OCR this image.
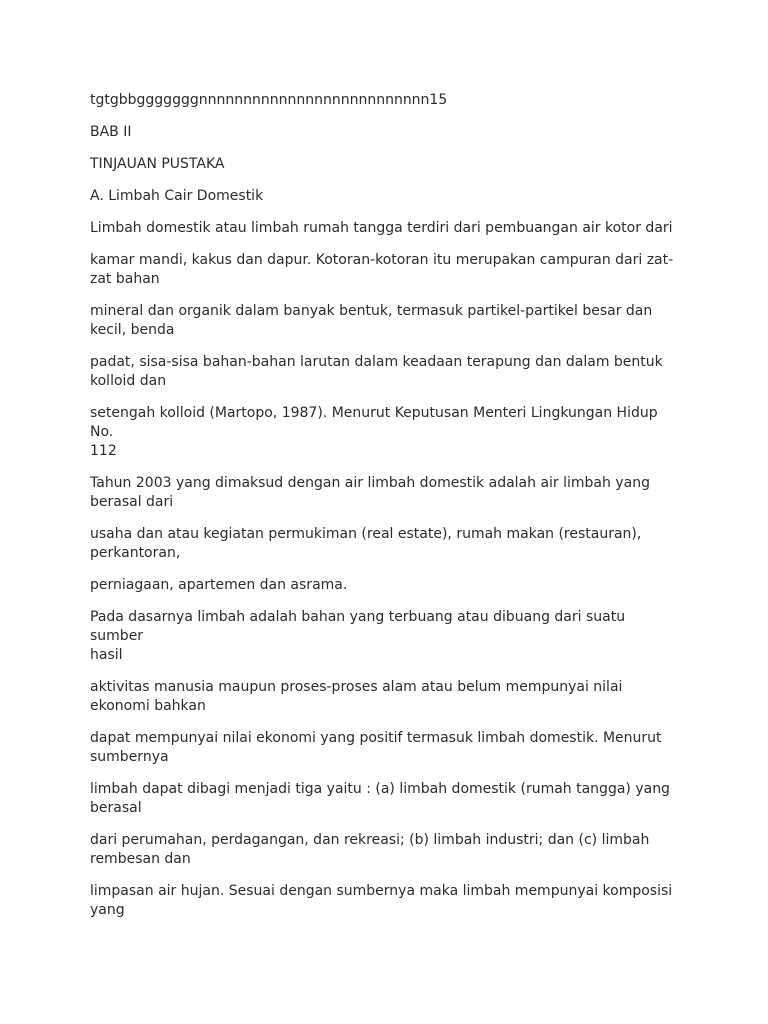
tgtgbbgggggggnnnnnnnnnnnnnnnnnnnnnnnnnn15

BAB II

TINJAUAN PUSTAKA

A. Limbah Cair Domestik

Limbah domestik atau limbah rumah tangga terdiri dari pembuangan air kotor dari

kamar mandi, kakus dan dapur. Kotoran-kotoran itu merupakan campuran dari zat-
zat bahan

mineral dan organik dalam banyak bentuk, termasuk partikel-partikel besar dan
kecil, benda

padat, sisa-sisa bahan-bahan larutan dalam keadaan terapung dan dalam bentuk
kolloid dan

setengah kolloid (Martopo, 1987). Menurut Keputusan Menteri Lingkungan Hidup No.
112

Tahun 2003 yang dimaksud dengan air limbah domestik adalah air limbah yang
berasal dari

usaha dan atau kegiatan permukiman (real estate), rumah makan (restauran),
perkantoran,

perniagaan, apartemen dan asrama.

Pada dasarnya limbah adalah bahan yang terbuang atau dibuang dari suatu sumber
hasil

aktivitas manusia maupun proses-proses alam atau belum mempunyai nilai
ekonomi bahkan

dapat mempunyai nilai ekonomi yang positif termasuk limbah domestik. Menurut
sumbernya

limbah dapat dibagi menjadi tiga yaitu : (a) limbah domestik (rumah tangga) yang
berasal

dari perumahan, perdagangan, dan rekreasi; (b) limbah industri; dan (c) limbah
rembesan dan

limpasan air hujan. Sesuai dengan sumbernya maka limbah mempunyai komposisi
yang
